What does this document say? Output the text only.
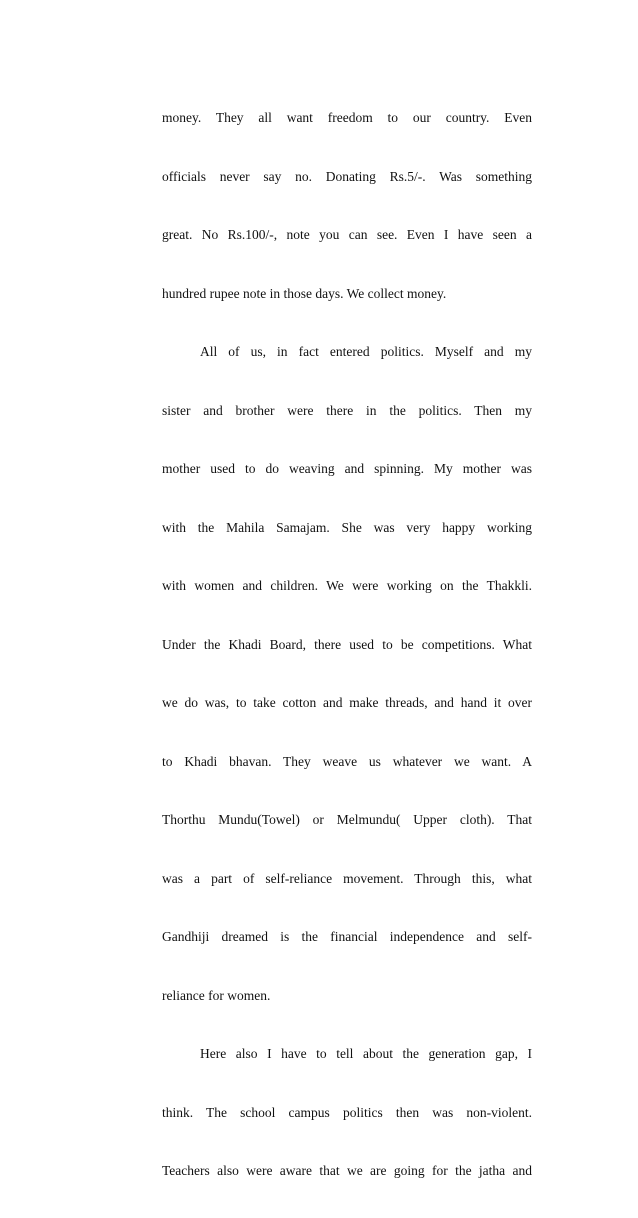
money. They all want freedom to our country. Even
officials never say no. Donating Rs.5/-. Was something
great. No Rs.100/-, note you can see. Even I have seen a
hundred rupee note in those days. We collect money.
All of us, in fact entered politics. Myself and my
sister and brother were there in the politics. Then my
mother used to do weaving and spinning. My mother was
with the Mahila Samajam. She was very happy working
with women and children. We were working on the Thakkli.
Under the Khadi Board, there used to be competitions. What
we do was, to take cotton and make threads, and hand it over
to Khadi bhavan. They weave us whatever we want. A
Thorthu Mundu(Towel) or Melmundu( Upper cloth). That
was a part of self-reliance movement. Through this, what
Gandhiji dreamed is the financial independence and self-
reliance for women.
Here also I have to tell about the generation gap, I
think. The school campus politics then was non-violent.
Teachers also were aware that we are going for the jatha and
